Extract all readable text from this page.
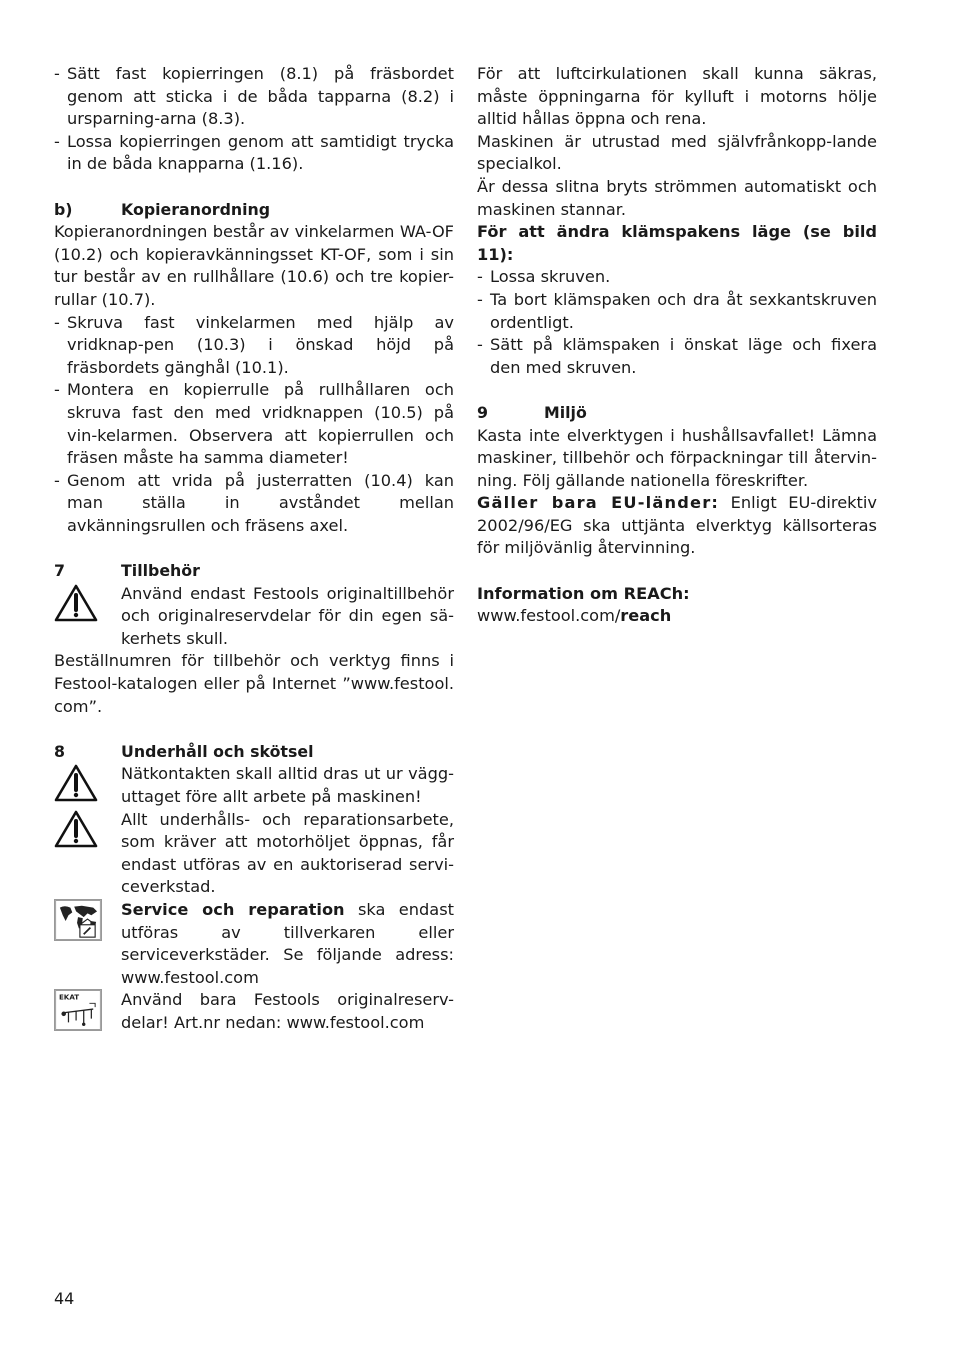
- Sätt fast kopierringen (8.1) på fräsbordet genom att sticka i de båda tapparna (8.2) i ursparning-arna (8.3).
- Lossa kopierringen genom att samtidigt trycka in de båda knapparna (1.16).
b)	Kopieranordning

Kopieranordningen består av vinkelarmen WA-OF (10.2) och kopieravkänningsset KT-OF, som i sin tur består av en rullhållare (10.6) och tre kopier-rullar (10.7).

- Skruva fast vinkelarmen med hjälp av vridknap-pen (10.3) i önskad höjd på fräsbordets gänghål (10.1).
- Montera en kopierrulle på rullhållaren och skruva fast den med vridknappen (10.5) på vin-kelarmen. Observera att kopierrullen och fräsen måste ha samma diameter!
- Genom att vrida på justerratten (10.4) kan man ställa in avståndet mellan avkänningsrullen och fräsens axel.
7	Tillbehör

Använd endast Festools originaltillbehör och originalreservdelar för din egen sä-kerhets skull.

Beställnumren för tillbehör och verktyg finns i Festool-katalogen eller på Internet ”www.festool. com”.

8	Underhåll och skötsel

Nätkontakten skall alltid dras ut ur vägg-uttaget före allt arbete på maskinen!

Allt underhålls- och reparationsarbete, som kräver att motorhöljet öppnas, får endast utföras av en auktoriserad servi-ceverkstad.

Service och reparation ska endast utföras av tillverkaren eller serviceverkstäder. Se följande adress: www.festool.com

EKAT	Använd bara Festools originalreserv-delar! Art.nr nedan: www.festool.com

För att luftcirkulationen skall kunna säkras, måste öppningarna för kylluft i motorns hölje alltid hållas öppna och rena.

Maskinen är utrustad med självfrånkopp-lande specialkol.

Är dessa slitna bryts strömmen automatiskt och maskinen stannar.

För att ändra klämspakens läge (se bild 11):

- Lossa skruven.
- Ta bort klämspaken och dra åt sexkantskruven ordentligt.
- Sätt på klämspaken i önskat läge och fixera den med skruven.
9	Miljö

Kasta inte elverktygen i hushållsavfallet! Lämna maskiner, tillbehör och förpackningar till återvin-ning. Följ gällande nationella föreskrifter.

Gäller bara EU-länder: Enligt EU-direktiv 2002/96/EG ska uttjänta elverktyg källsorteras för miljövänlig återvinning.

Information om REACh:

www.festool.com/reach

44
